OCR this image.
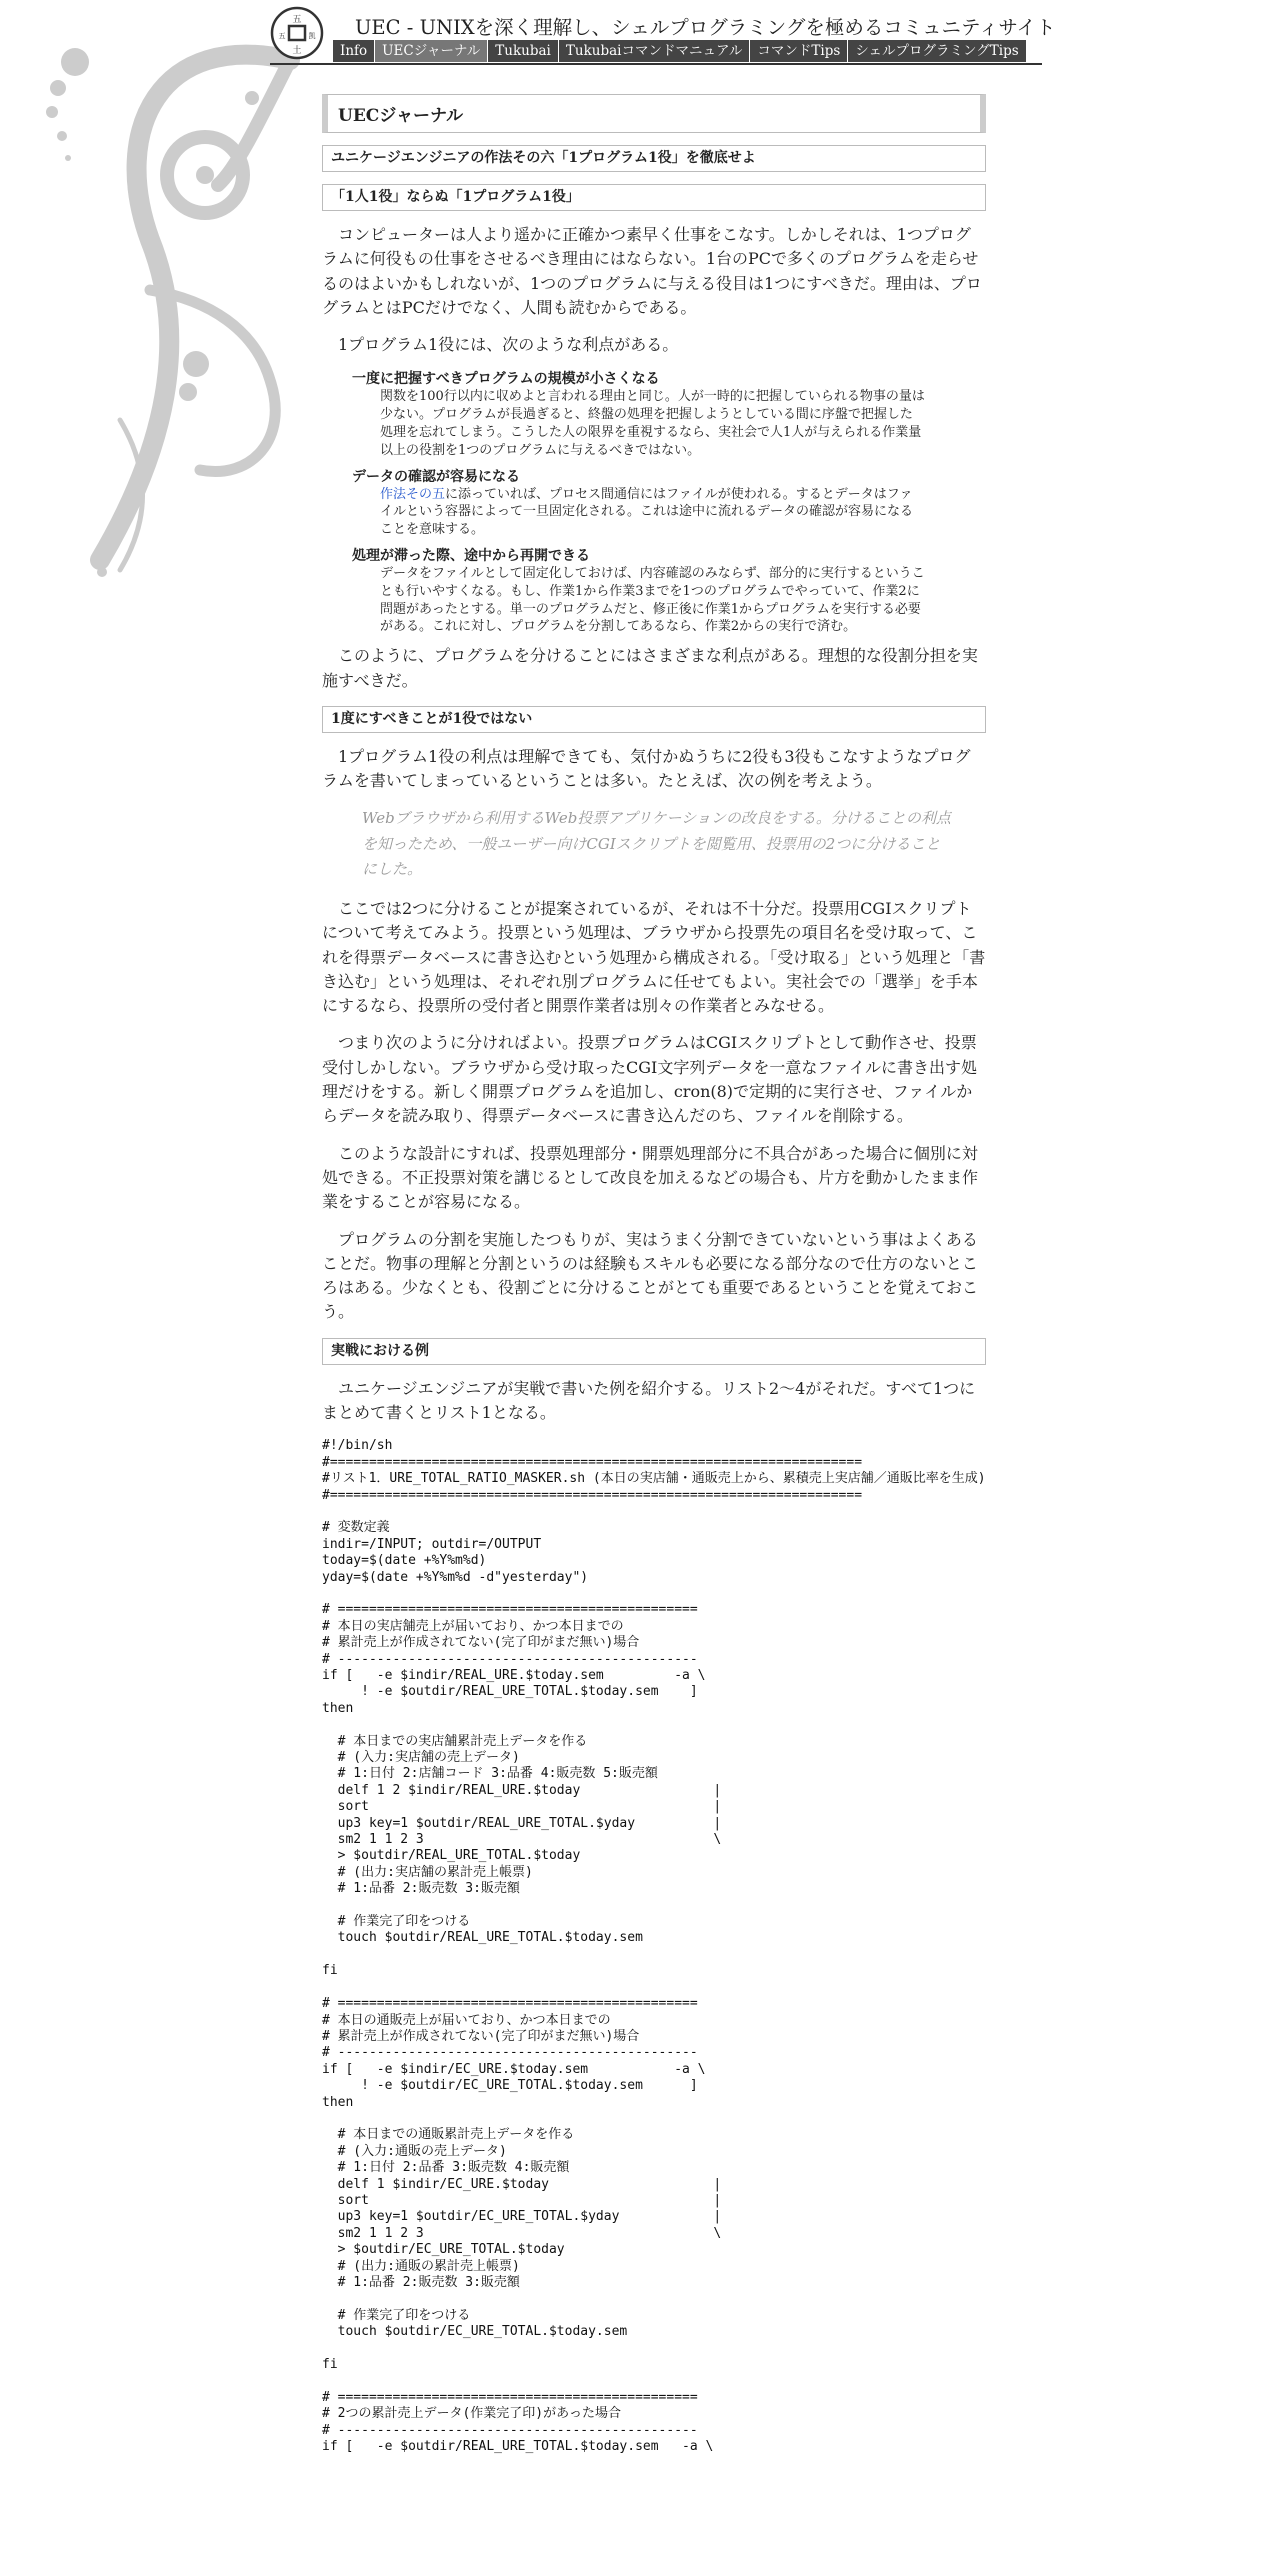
五
五	凯
土
UEC - UNIXを深く理解し、シェルプログラミングを極めるコミュニティサイト
Info	UECジャーナル	Tukubai	Tukubaiコマンドマニュアル	コマンドTips	シェルプログラミングTips
UECジャーナル
ユニケージエンジニアの作法その六「1プログラム1役」を徹底せよ
「1人1役」ならぬ「1プログラム1役」

コンピューターは人より遥かに正確かつ素早く仕事をこなす。しかしそれは、1つプログラムに何役もの仕事をさせるべき理由にはならない。1台のPCで多くのプログラムを走らせるのはよいかもしれないが、1つのプログラムに与える役目は1つにすべきだ。理由は、プログラムとはPCだけでなく、人間も読むからである。

1プログラム1役には、次のような利点がある。

一度に把握すべきプログラムの規模が小さくなる
関数を100行以内に収めよと言われる理由と同じ。人が一時的に把握していられる物事の量は少ない。プログラムが長過ぎると、終盤の処理を把握しようとしている間に序盤で把握した処理を忘れてしまう。こうした人の限界を重視するなら、実社会で人1人が与えられる作業量以上の役割を1つのプログラムに与えるべきではない。
データの確認が容易になる
作法その五に添っていれば、プロセス間通信にはファイルが使われる。するとデータはファイルという容器によって一旦固定化される。これは途中に流れるデータの確認が容易になることを意味する。
処理が滞った際、途中から再開できる
データをファイルとして固定化しておけば、内容確認のみならず、部分的に実行するということも行いやすくなる。もし、作業1から作業3までを1つのプログラムでやっていて、作業2に問題があったとする。単一のプログラムだと、修正後に作業1からプログラムを実行する必要がある。これに対し、プログラムを分割してあるなら、作業2からの実行で済む。

このように、プログラムを分けることにはさまざまな利点がある。理想的な役割分担を実施すべきだ。

1度にすべきことが1役ではない

1プログラム1役の利点は理解できても、気付かぬうちに2役も3役もこなすようなプログラムを書いてしまっているということは多い。たとえば、次の例を考えよう。

Webブラウザから利用するWeb投票アプリケーションの改良をする。分けることの利点を知ったため、一般ユーザー向けCGIスクリプトを閲覧用、投票用の2つに分けることにした。

ここでは2つに分けることが提案されているが、それは不十分だ。投票用CGIスクリプトについて考えてみよう。投票という処理は、ブラウザから投票先の項目名を受け取って、これを得票データベースに書き込むという処理から構成される。「受け取る」という処理と「書き込む」という処理は、それぞれ別プログラムに任せてもよい。実社会での「選挙」を手本にするなら、投票所の受付者と開票作業者は別々の作業者とみなせる。

つまり次のように分ければよい。投票プログラムはCGIスクリプトとして動作させ、投票受付しかしない。ブラウザから受け取ったCGI文字列データを一意なファイルに書き出す処理だけをする。新しく開票プログラムを追加し、cron(8)で定期的に実行させ、ファイルからデータを読み取り、得票データベースに書き込んだのち、ファイルを削除する。

このような設計にすれば、投票処理部分・開票処理部分に不具合があった場合に個別に対処できる。不正投票対策を講じるとして改良を加えるなどの場合も、片方を動かしたまま作業をすることが容易になる。

プログラムの分割を実施したつもりが、実はうまく分割できていないという事はよくあることだ。物事の理解と分割というのは経験もスキルも必要になる部分なので仕方のないところはある。少なくとも、役割ごとに分けることがとても重要であるということを覚えておこう。

実戦における例

ユニケージエンジニアが実戦で書いた例を紹介する。リスト2～4がそれだ。すべて1つにまとめて書くとリスト1となる。

#!/bin/sh
#====================================================================
#リスト1．URE_TOTAL_RATIO_MASKER.sh (本日の実店舗・通販売上から、累積売上実店舗／通販比率を生成)
#====================================================================

# 変数定義
indir=/INPUT; outdir=/OUTPUT
today=$(date +%Y%m%d)
yday=$(date +%Y%m%d -d"yesterday")

# ==============================================
# 本日の実店舗売上が届いており、かつ本日までの
# 累計売上が作成されてない(完了印がまだ無い)場合
# ----------------------------------------------
if [   -e $indir/REAL_URE.$today.sem         -a \
! -e $outdir/REAL_URE_TOTAL.$today.sem    ]
then

# 本日までの実店舗累計売上データを作る
# (入力:実店舗の売上データ)
# 1:日付 2:店舗コード 3:品番 4:販売数 5:販売額
delf 1 2 $indir/REAL_URE.$today                 |
sort                                            |
up3 key=1 $outdir/REAL_URE_TOTAL.$yday          |
sm2 1 1 2 3                                     \
> $outdir/REAL_URE_TOTAL.$today
# (出力:実店舗の累計売上帳票)
# 1:品番 2:販売数 3:販売額

# 作業完了印をつける
touch $outdir/REAL_URE_TOTAL.$today.sem

fi

# ==============================================
# 本日の通販売上が届いており、かつ本日までの
# 累計売上が作成されてない(完了印がまだ無い)場合
# ----------------------------------------------
if [   -e $indir/EC_URE.$today.sem           -a \
! -e $outdir/EC_URE_TOTAL.$today.sem      ]
then

# 本日までの通販累計売上データを作る
# (入力:通販の売上データ)
# 1:日付 2:品番 3:販売数 4:販売額
delf 1 $indir/EC_URE.$today                     |
sort                                            |
up3 key=1 $outdir/EC_URE_TOTAL.$yday            |
sm2 1 1 2 3                                     \
> $outdir/EC_URE_TOTAL.$today
# (出力:通販の累計売上帳票)
# 1:品番 2:販売数 3:販売額

# 作業完了印をつける
touch $outdir/EC_URE_TOTAL.$today.sem

fi

# ==============================================
# 2つの累計売上データ(作業完了印)があった場合
# ----------------------------------------------
if [   -e $outdir/REAL_URE_TOTAL.$today.sem   -a \
